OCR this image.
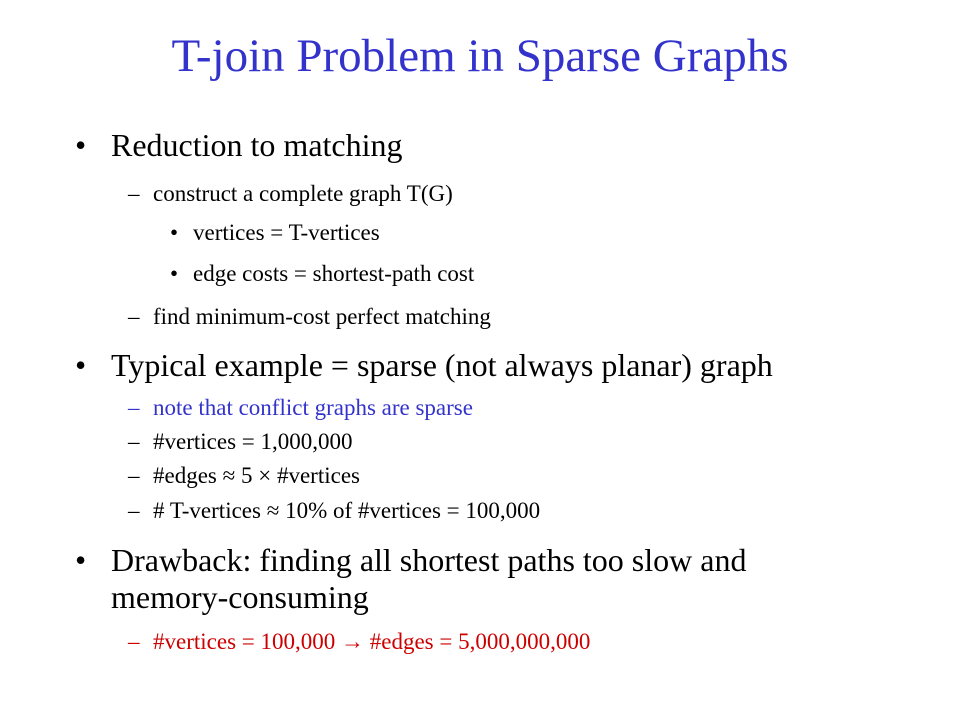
T-join Problem in Sparse Graphs
• Reduction to matching
– construct a complete graph T(G)
• vertices = T-vertices
• edge costs = shortest-path cost
– find minimum-cost perfect matching
• Typical example = sparse (not always planar) graph
– note that conflict graphs are sparse
– #vertices = 1,000,000
– #edges ≈ 5 × #vertices
– # T-vertices ≈ 10% of #vertices = 100,000
• Drawback: finding all shortest paths too slow and
memory-consuming
– #vertices = 100,000 → #edges = 5,000,000,000
